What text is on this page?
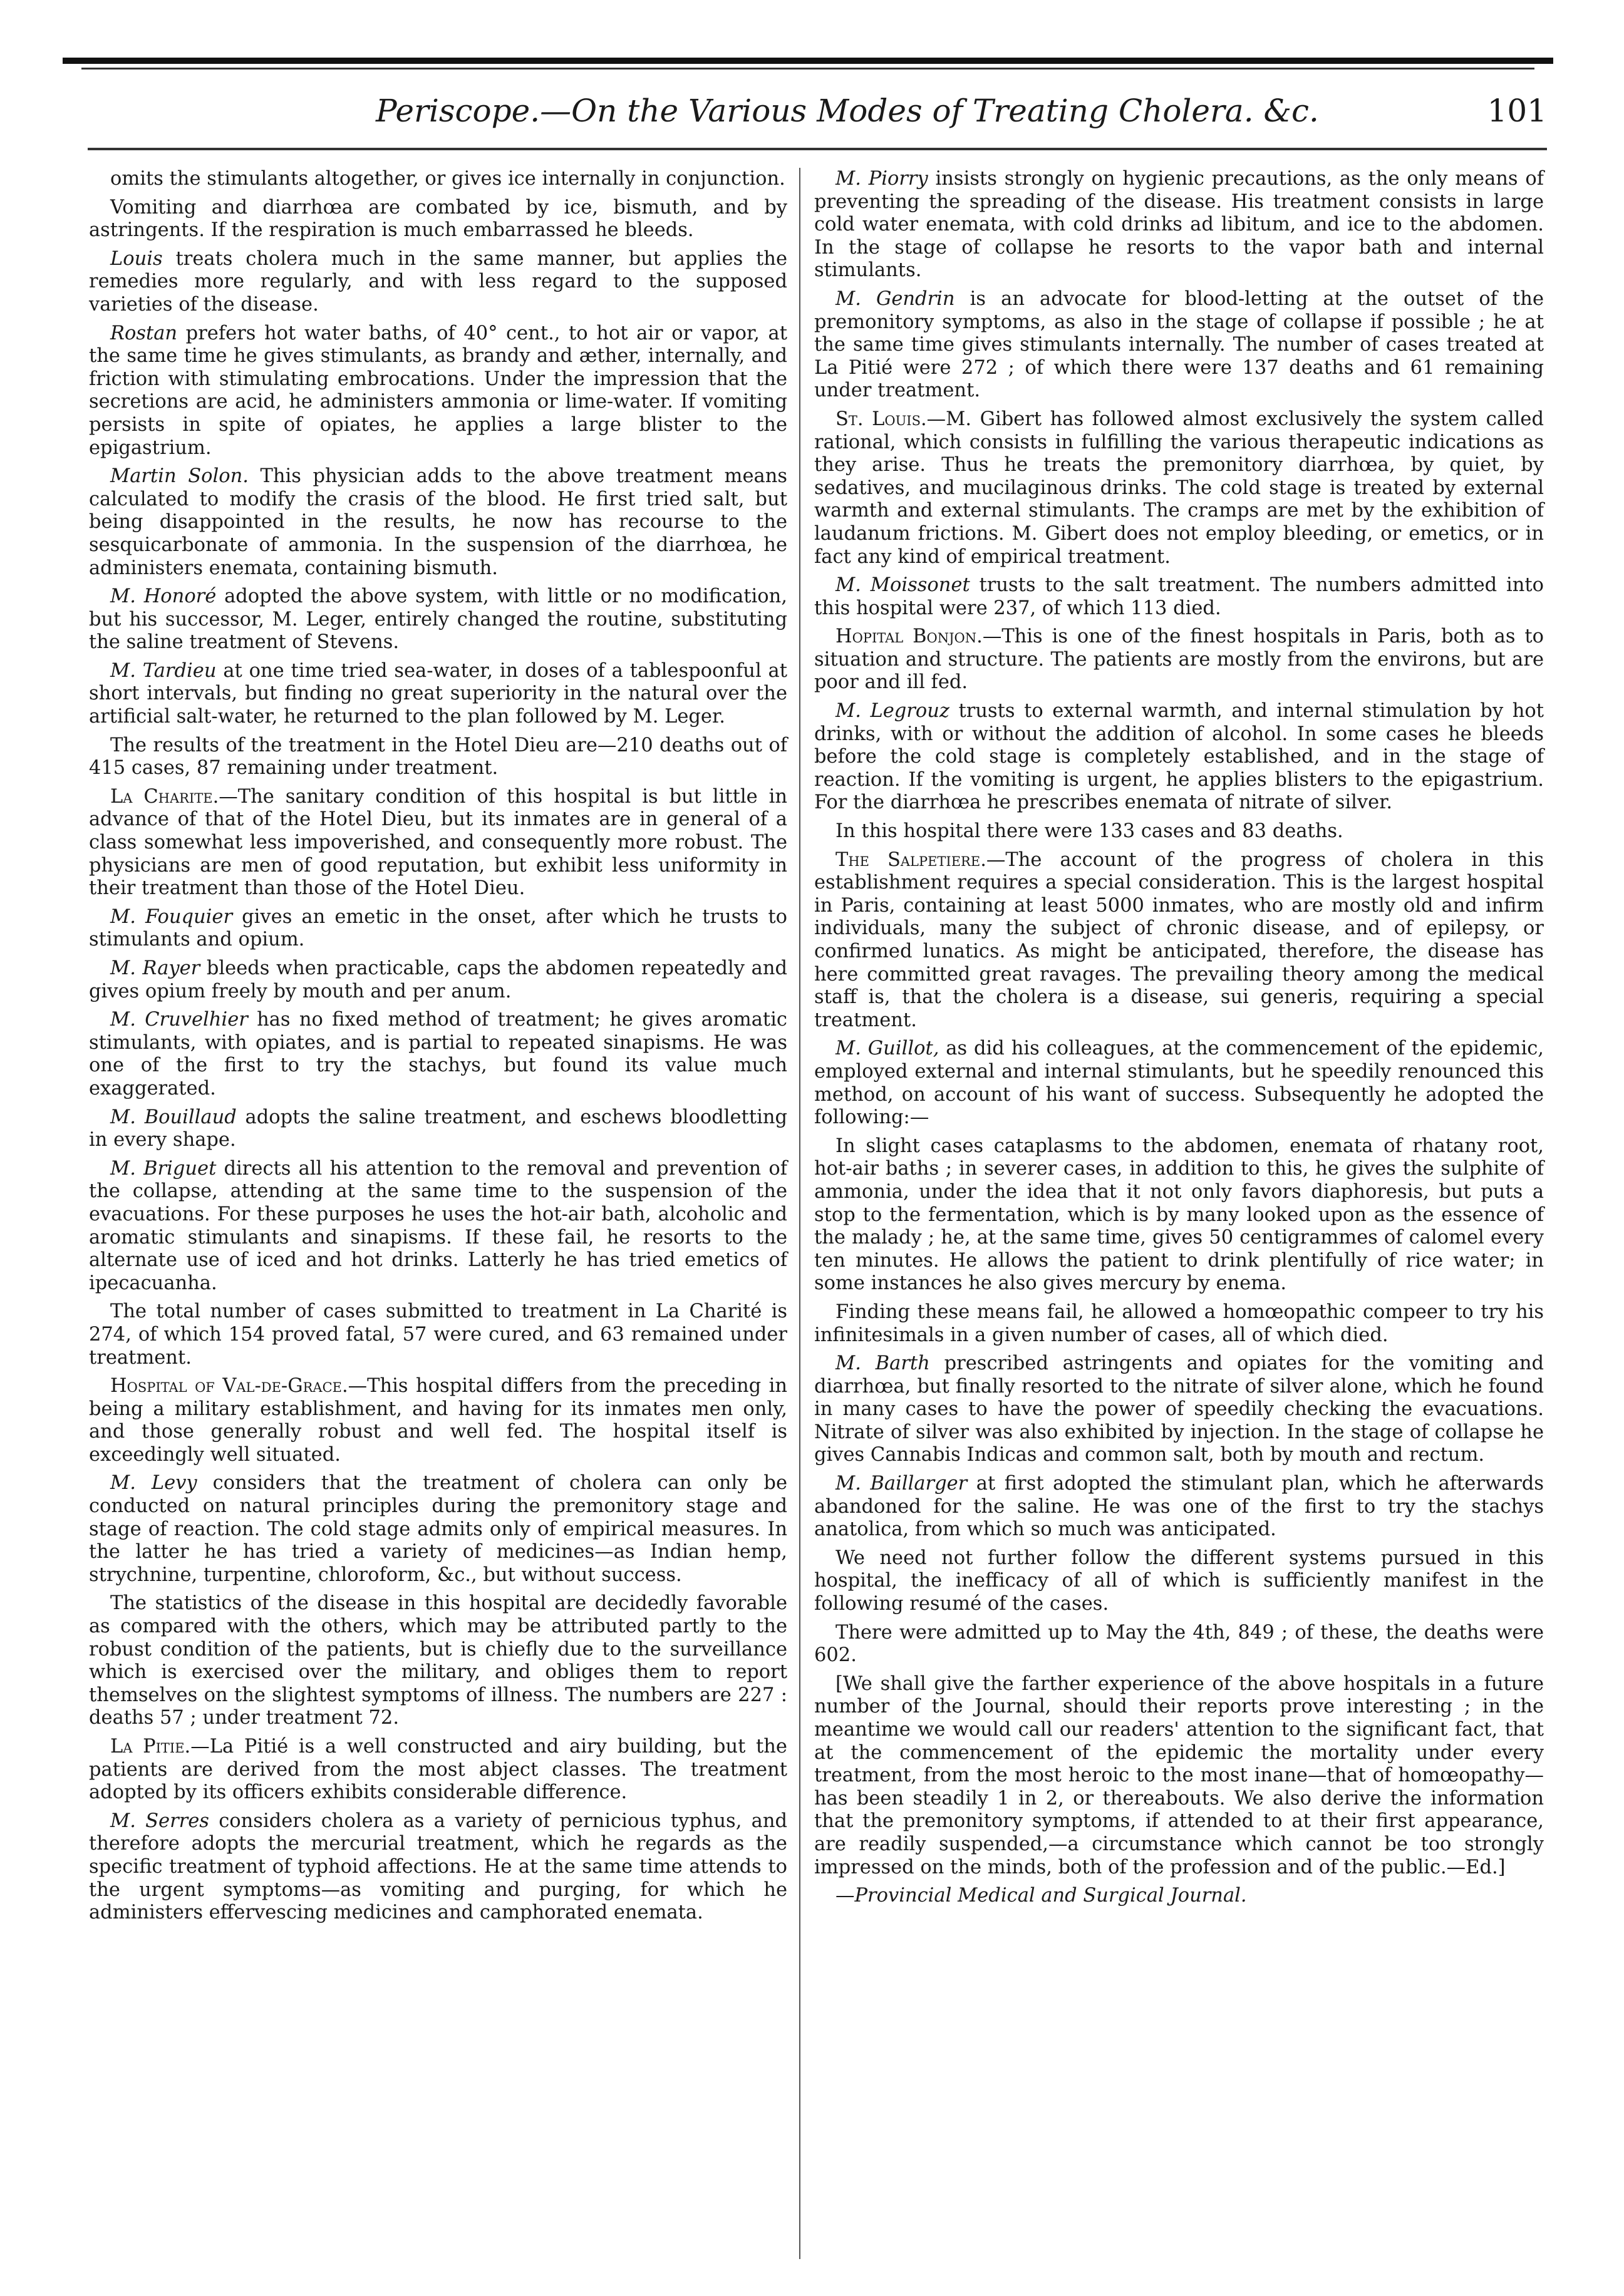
Periscope.—On the Various Modes of Treating Cholera. &c.	101

omits the stimulants altogether, or gives ice internally in conjunction.

Vomiting and diarrhœa are combated by ice, bismuth, and by astringents. If the respiration is much embarrassed he bleeds.

Louis treats cholera much in the same manner, but applies the remedies more regularly, and with less regard to the supposed varieties of the disease.

Rostan prefers hot water baths, of 40° cent., to hot air or vapor, at the same time he gives stimulants, as brandy and æther, internally, and friction with stimulating embrocations. Under the impression that the secretions are acid, he administers ammonia or lime-water. If vomiting persists in spite of opiates, he applies a large blister to the epigastrium.

Martin Solon. This physician adds to the above treatment means calculated to modify the crasis of the blood. He first tried salt, but being disappointed in the results, he now has recourse to the sesquicarbonate of ammonia. In the suspension of the diarrhœa, he administers enemata, containing bismuth.

M. Honoré adopted the above system, with little or no modification, but his successor, M. Leger, entirely changed the routine, substituting the saline treatment of Stevens.

M. Tardieu at one time tried sea-water, in doses of a tablespoonful at short intervals, but finding no great superiority in the natural over the artificial salt-water, he returned to the plan followed by M. Leger.

The results of the treatment in the Hotel Dieu are—210 deaths out of 415 cases, 87 remaining under treatment.

La Charite.—The sanitary condition of this hospital is but little in advance of that of the Hotel Dieu, but its inmates are in general of a class somewhat less impoverished, and consequently more robust. The physicians are men of good reputation, but exhibit less uniformity in their treatment than those of the Hotel Dieu.

M. Fouquier gives an emetic in the onset, after which he trusts to stimulants and opium.

M. Rayer bleeds when practicable, caps the abdomen repeatedly and gives opium freely by mouth and per anum.

M. Cruvelhier has no fixed method of treatment; he gives aromatic stimulants, with opiates, and is partial to repeated sinapisms. He was one of the first to try the stachys, but found its value much exaggerated.

M. Bouillaud adopts the saline treatment, and eschews bloodletting in every shape.

M. Briguet directs all his attention to the removal and prevention of the collapse, attending at the same time to the suspension of the evacuations. For these purposes he uses the hot-air bath, alcoholic and aromatic stimulants and sinapisms. If these fail, he resorts to the alternate use of iced and hot drinks. Latterly he has tried emetics of ipecacuanha.

The total number of cases submitted to treatment in La Charité is 274, of which 154 proved fatal, 57 were cured, and 63 remained under treatment.

Hospital of Val-de-Grace.—This hospital differs from the preceding in being a military establishment, and having for its inmates men only, and those generally robust and well fed. The hospital itself is exceedingly well situated.

M. Levy considers that the treatment of cholera can only be conducted on natural principles during the premonitory stage and stage of reaction. The cold stage admits only of empirical measures. In the latter he has tried a variety of medicines—as Indian hemp, strychnine, turpentine, chloroform, &c., but without success.

The statistics of the disease in this hospital are decidedly favorable as compared with the others, which may be attributed partly to the robust condition of the patients, but is chiefly due to the surveillance which is exercised over the military, and obliges them to report themselves on the slightest symptoms of illness. The numbers are 227 : deaths 57 ; under treatment 72.

La Pitie.—La Pitié is a well constructed and airy building, but the patients are derived from the most abject classes. The treatment adopted by its officers exhibits considerable difference.

M. Serres considers cholera as a variety of pernicious typhus, and therefore adopts the mercurial treatment, which he regards as the specific treatment of typhoid affections. He at the same time attends to the urgent symptoms—as vomiting and purging, for which he administers effervescing medicines and camphorated enemata.

M. Piorry insists strongly on hygienic precautions, as the only means of preventing the spreading of the disease. His treatment consists in large cold water enemata, with cold drinks ad libitum, and ice to the abdomen. In the stage of collapse he resorts to the vapor bath and internal stimulants.

M. Gendrin is an advocate for blood-letting at the outset of the premonitory symptoms, as also in the stage of collapse if possible ; he at the same time gives stimulants internally. The number of cases treated at La Pitié were 272 ; of which there were 137 deaths and 61 remaining under treatment.

St. Louis.—M. Gibert has followed almost exclusively the system called rational, which consists in fulfilling the various therapeutic indications as they arise. Thus he treats the premonitory diarrhœa, by quiet, by sedatives, and mucilaginous drinks. The cold stage is treated by external warmth and external stimulants. The cramps are met by the exhibition of laudanum frictions. M. Gibert does not employ bleeding, or emetics, or in fact any kind of empirical treatment.

M. Moissonet trusts to the salt treatment. The numbers admitted into this hospital were 237, of which 113 died.

Hopital Bonjon.—This is one of the finest hospitals in Paris, both as to situation and structure. The patients are mostly from the environs, but are poor and ill fed.

M. Legrouz trusts to external warmth, and internal stimulation by hot drinks, with or without the addition of alcohol. In some cases he bleeds before the cold stage is completely established, and in the stage of reaction. If the vomiting is urgent, he applies blisters to the epigastrium. For the diarrhœa he prescribes enemata of nitrate of silver.

In this hospital there were 133 cases and 83 deaths.

The Salpetiere.—The account of the progress of cholera in this establishment requires a special consideration. This is the largest hospital in Paris, containing at least 5000 inmates, who are mostly old and infirm individuals, many the subject of chronic disease, and of epilepsy, or confirmed lunatics. As might be anticipated, therefore, the disease has here committed great ravages. The prevailing theory among the medical staff is, that the cholera is a disease, sui generis, requiring a special treatment.

M. Guillot, as did his colleagues, at the commencement of the epidemic, employed external and internal stimulants, but he speedily renounced this method, on account of his want of success. Subsequently he adopted the following:—

In slight cases cataplasms to the abdomen, enemata of rhatany root, hot-air baths ; in severer cases, in addition to this, he gives the sulphite of ammonia, under the idea that it not only favors diaphoresis, but puts a stop to the fermentation, which is by many looked upon as the essence of the malady ; he, at the same time, gives 50 centigrammes of calomel every ten minutes. He allows the patient to drink plentifully of rice water; in some instances he also gives mercury by enema.

Finding these means fail, he allowed a homœopathic compeer to try his infinitesimals in a given number of cases, all of which died.

M. Barth prescribed astringents and opiates for the vomiting and diarrhœa, but finally resorted to the nitrate of silver alone, which he found in many cases to have the power of speedily checking the evacuations. Nitrate of silver was also exhibited by injection. In the stage of collapse he gives Cannabis Indicas and common salt, both by mouth and rectum.

M. Baillarger at first adopted the stimulant plan, which he afterwards abandoned for the saline. He was one of the first to try the stachys anatolica, from which so much was anticipated.

We need not further follow the different systems pursued in this hospital, the inefficacy of all of which is sufficiently manifest in the following resumé of the cases.

There were admitted up to May the 4th, 849 ; of these, the deaths were 602.

[We shall give the farther experience of the above hospitals in a future number of the Journal, should their reports prove interesting ; in the meantime we would call our readers' attention to the significant fact, that at the commencement of the epidemic the mortality under every treatment, from the most heroic to the most inane—that of homœopathy—has been steadily 1 in 2, or thereabouts. We also derive the information that the premonitory symptoms, if attended to at their first appearance, are readily suspended,—a circumstance which cannot be too strongly impressed on the minds, both of the profession and of the public.—Ed.]

—Provincial Medical and Surgical Journal.
